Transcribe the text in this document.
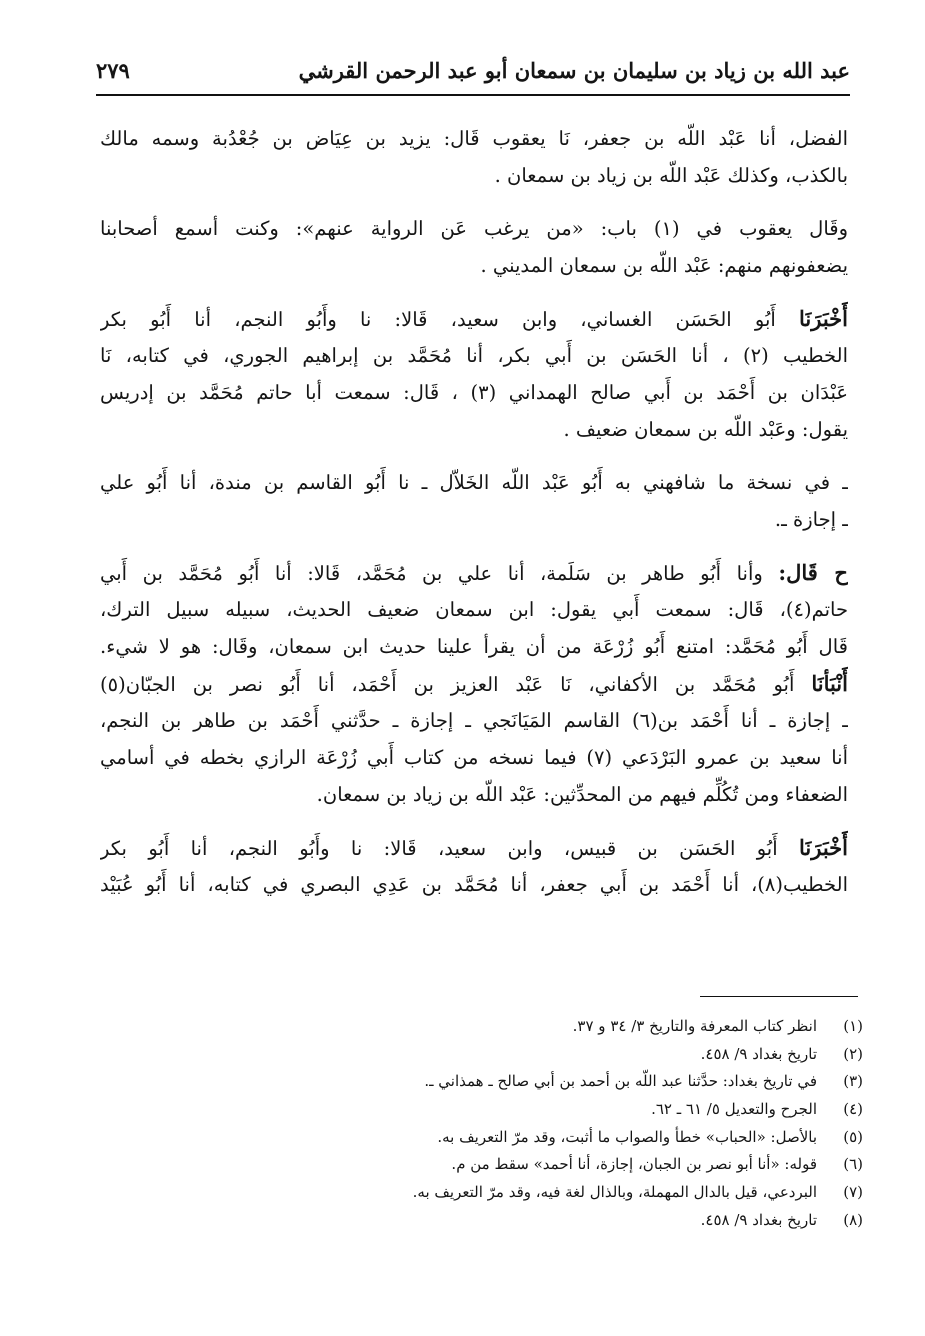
عبد الله بن زياد بن سليمان بن سمعان أبو عبد الرحمن القرشي
٢٧٩
الفضل، أنا عَبْد اللّه بن جعفر، نَا يعقوب قَال: يزيد بن عِيَاض بن جُعْدُبة وسمه مالك
بالكذب، وكذلك عَبْد اللّه بن زياد بن سمعان .
وقَال يعقوب في (١) باب: «من يرغب عَن الرواية عنهم»: وكنت أسمع أصحابنا
يضعفونهم منهم: عَبْد اللّه بن سمعان المديني .
أَخْبَرَنَا أَبُو الحَسَن الغساني، وابن سعيد، قَالا: نا وأَبُو النجم، أنا أَبُو بكر
الخطيب (٢) ، أنا الحَسَن بن أَبي بكر، أنا مُحَمَّد بن إبراهيم الجوري، في كتابه، نَا
عَبْدَان بن أَحْمَد بن أَبي صالح الهمداني (٣) ، قَال: سمعت أبا حاتم مُحَمَّد بن إدريس
يقول: وعَبْد اللّه بن سمعان ضعيف .
ـ في نسخة ما شافهني به أَبُو عَبْد اللّه الخَلاّل ـ نا أَبُو القاسم بن مندة، أنا أَبُو علي
ـ إجازة ـ.
ح قَال: وأنا أَبُو طاهر بن سَلَمة، أنا علي بن مُحَمَّد، قَالا: أنا أَبُو مُحَمَّد بن أَبي
حاتم(٤)، قَال: سمعت أَبي يقول: ابن سمعان ضعيف الحديث، سبيله سبيل الترك،
قَال أَبُو مُحَمَّد: امتنع أَبُو زُرْعَة من أن يقرأ علينا حديث ابن سمعان، وقَال: هو لا شيء.
أَنْبَأنَا أَبُو مُحَمَّد بن الأكفاني، نَا عَبْد العزيز بن أَحْمَد، أنا أَبُو نصر بن الجبّان(٥)
ـ إجازة ـ أنا أَحْمَد بن(٦) القاسم المَيَانَجي ـ إجازة ـ حدَّثني أَحْمَد بن طاهر بن النجم،
أنا سعيد بن عمرو البَرْدَعي (٧) فيما نسخه من كتاب أَبي زُرْعَة الرازي بخطه في أسامي
الضعفاء ومن تُكُلِّم فيهم من المحدِّثين: عَبْد اللّه بن زياد بن سمعان.
أَخْبَرَنَا أَبُو الحَسَن بن قبيس، وابن سعيد، قَالا: نا وأَبُو النجم، أنا أَبُو بكر
الخطيب(٨)، أنا أَحْمَد بن أَبي جعفر، أنا مُحَمَّد بن عَدِي البصري في كتابه، أنا أَبُو عُبَيْد
(١)انظر كتاب المعرفة والتاريخ ٣/ ٣٤ و ٣٧.
(٢)تاريخ بغداد ٩/ ٤٥٨.
(٣)في تاريخ بغداد: حدَّثنا عبد اللّه بن أحمد بن أبي صالح ـ همذاني ـ.
(٤)الجرح والتعديل ٥/ ٦١ ـ ٦٢.
(٥)بالأصل: «الحباب» خطأ والصواب ما أثبت، وقد مرّ التعريف به.
(٦)قوله: «أنا أبو نصر بن الجبان، إجازة، أنا أحمد» سقط من م.
(٧)البردعي، قيل بالدال المهملة، وبالذال لغة فيه، وقد مرّ التعريف به.
(٨)تاريخ بغداد ٩/ ٤٥٨.
